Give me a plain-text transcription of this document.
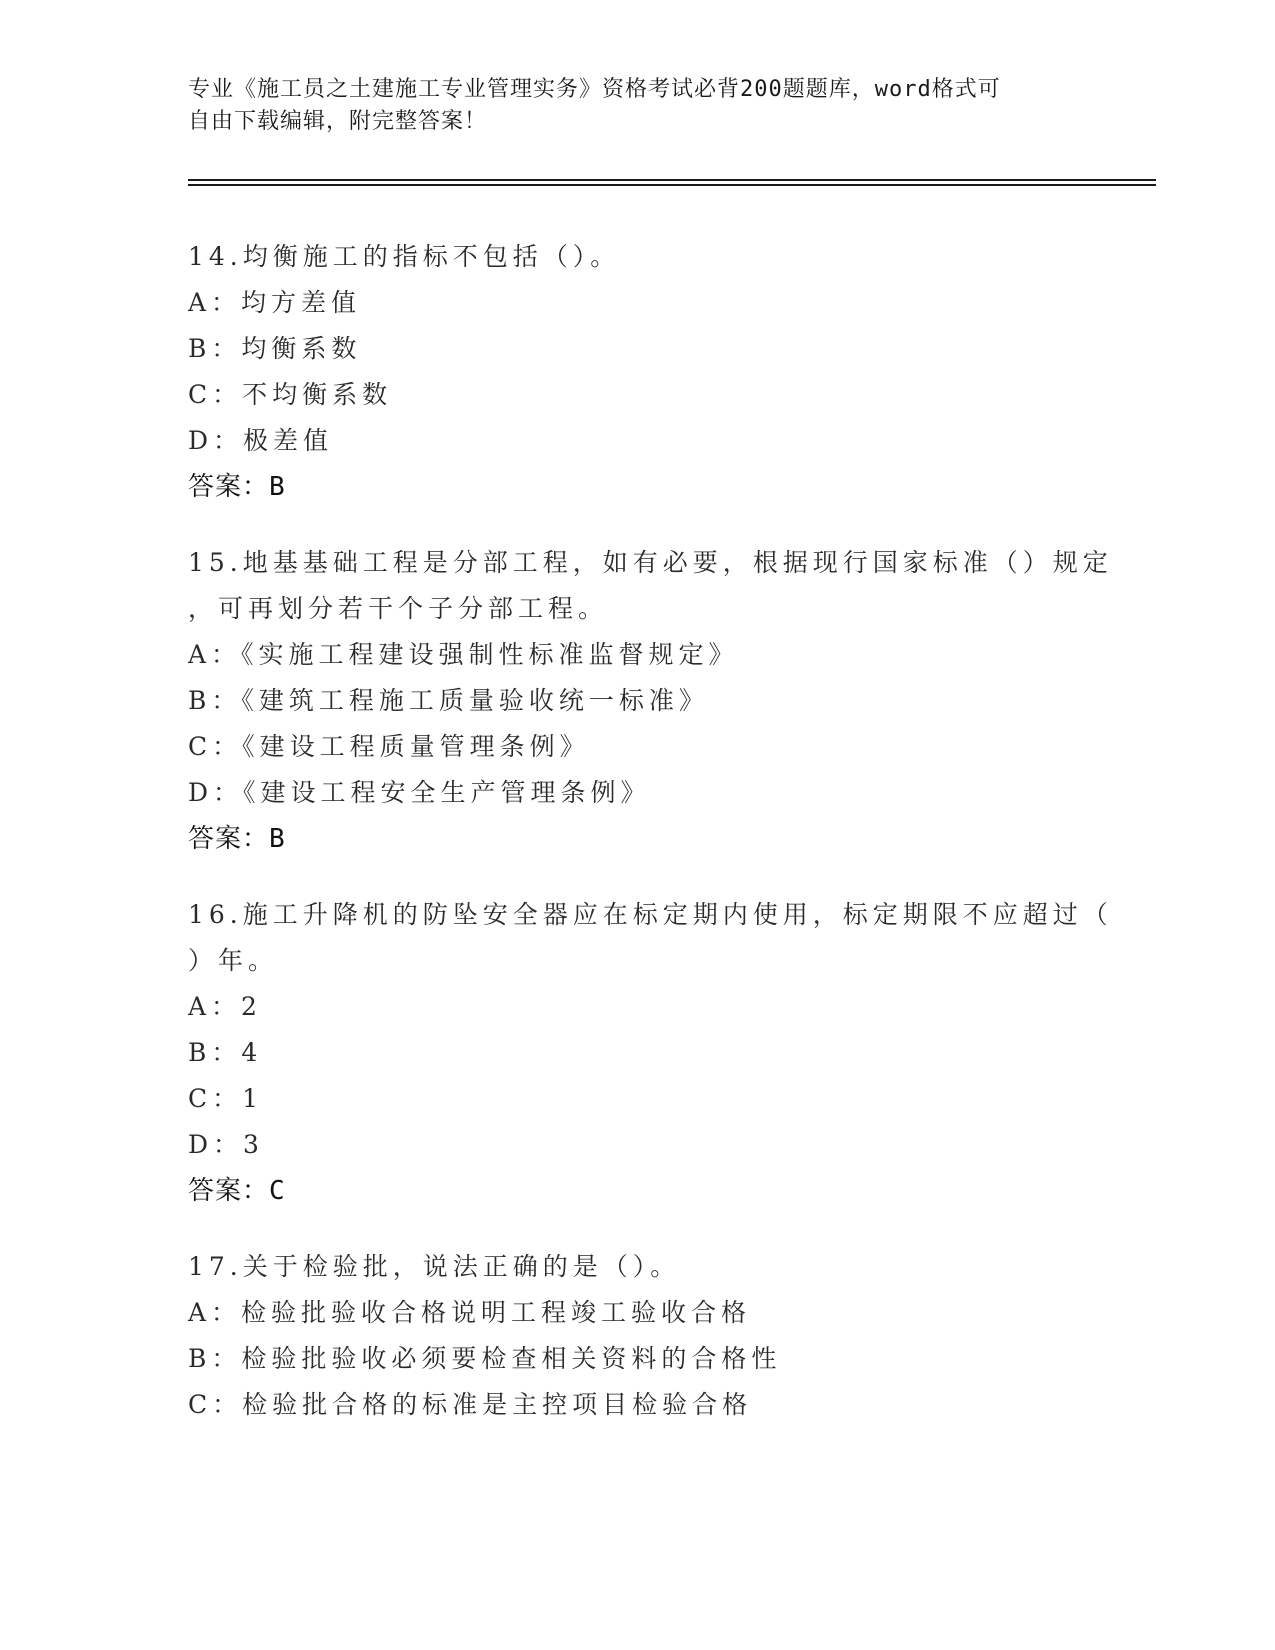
专业《施工员之土建施工专业管理实务》资格考试必背200题题库，word格式可
自由下载编辑，附完整答案！
14.均衡施工的指标不包括（）。
A：均方差值
B：均衡系数
C：不均衡系数
D：极差值
答案：B
15.地基基础工程是分部工程，如有必要，根据现行国家标准（）规定
，可再划分若干个子分部工程。
A：《实施工程建设强制性标准监督规定》
B：《建筑工程施工质量验收统一标准》
C：《建设工程质量管理条例》
D：《建设工程安全生产管理条例》
答案：B
16.施工升降机的防坠安全器应在标定期内使用，标定期限不应超过（
）年。
A：2
B：4
C：1
D：3
答案：C
17.关于检验批，说法正确的是（）。
A：检验批验收合格说明工程竣工验收合格
B：检验批验收必须要检查相关资料的合格性
C：检验批合格的标准是主控项目检验合格
